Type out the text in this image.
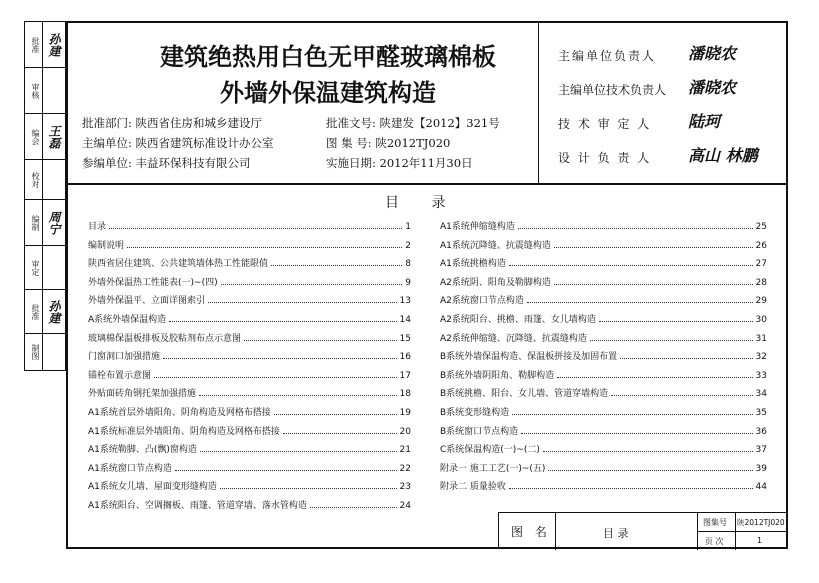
批准 孙建
审核
编会 王磊
校对
编制 周宁
审定
批准 孙建
制图
建筑绝热用白色无甲醛玻璃棉板
外墙外保温建筑构造
批准部门: 陕西省住房和城乡建设厅
主编单位: 陕西省建筑标准设计办公室
参编单位: 丰益环保科技有限公司
批准文号: 陕建发【2012】321号
图 集 号: 陕2012TJ020
实施日期: 2012年11月30日
主编单位负责人 潘晓农
主编单位技术负责人 潘晓农
技 术 审 定 人 陆珂
设 计 负 责 人 高山 林鹏
目 录
目录	1
编制说明	2
陕西省居住建筑、公共建筑墙体热工性能限值	8
外墙外保温热工性能表(一)~(四)	9
外墙外保温平、立面详图索引	13
A系统外墙保温构造	14
玻璃棉保温板排板及胶粘剂布点示意图	15
门窗洞口加强措施	16
锚栓布置示意图	17
外贴面砖角钢托架加强措施	18
A1系统首层外墙阳角、阴角构造及网格布搭接	19
A1系统标准层外墙阳角、阴角构造及网格布搭接	20
A1系统勒脚、凸(飘)窗构造	21
A1系统窗口节点构造	22
A1系统女儿墙、屋面变形缝构造	23
A1系统阳台、空调搁板、雨篷、管道穿墙、落水管构造	24
A1系统伸缩缝构造	25
A1系统沉降缝、抗震缝构造	26
A1系统挑檐构造	27
A2系统阴、阳角及勒脚构造	28
A2系统窗口节点构造	29
A2系统阳台、挑檐、雨篷、女儿墙构造	30
A2系统伸缩缝、沉降缝、抗震缝构造	31
B系统外墙保温构造、保温板拼接及加固布置	32
B系统外墙阴阳角、勒脚构造	33
B系统挑檐、阳台、女儿墙、管道穿墙构造	34
B系统变形缝构造	35
B系统窗口节点构造	36
C系统保温构造(一)~(二)	37
附录一 施工工艺(一)~(五)	39
附录二 质量验收	44
图 名	目 录
图集号 陕2012TJ020
页 次	1
